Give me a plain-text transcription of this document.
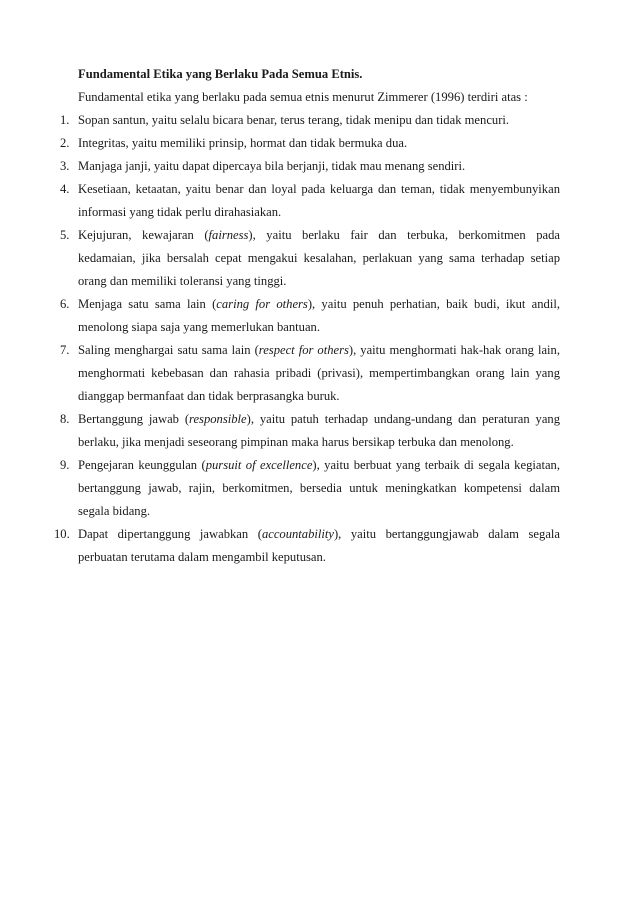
Fundamental Etika yang Berlaku Pada Semua Etnis.
Fundamental etika yang berlaku pada semua etnis menurut Zimmerer (1996) terdiri atas :
1. Sopan santun, yaitu selalu bicara benar, terus terang, tidak menipu dan tidak mencuri.
2. Integritas, yaitu memiliki prinsip, hormat dan tidak bermuka dua.
3. Manjaga janji, yaitu dapat dipercaya bila berjanji, tidak mau menang sendiri.
4. Kesetiaan, ketaatan, yaitu benar dan loyal pada keluarga dan teman, tidak menyembunyikan
informasi yang tidak perlu dirahasiakan.
5. Kejujuran, kewajaran (fairness), yaitu berlaku fair dan terbuka, berkomitmen pada
kedamaian, jika bersalah cepat mengakui kesalahan, perlakuan yang sama terhadap setiap
orang dan memiliki toleransi yang tinggi.
6. Menjaga satu sama lain (caring for others), yaitu penuh perhatian, baik budi, ikut andil,
menolong siapa saja yang memerlukan bantuan.
7. Saling menghargai satu sama lain (respect for others), yaitu menghormati hak-hak orang lain,
menghormati kebebasan dan rahasia pribadi (privasi), mempertimbangkan orang lain yang
dianggap bermanfaat dan tidak berprasangka buruk.
8. Bertanggung jawab (responsible), yaitu patuh terhadap undang-undang dan peraturan yang
berlaku, jika menjadi seseorang pimpinan maka harus bersikap terbuka dan menolong.
9. Pengejaran keunggulan (pursuit of excellence), yaitu berbuat yang terbaik di segala kegiatan,
bertanggung jawab, rajin, berkomitmen, bersedia untuk meningkatkan kompetensi dalam
segala bidang.
10. Dapat dipertanggung jawabkan (accountability), yaitu bertanggungjawab dalam segala
perbuatan terutama dalam mengambil keputusan.
